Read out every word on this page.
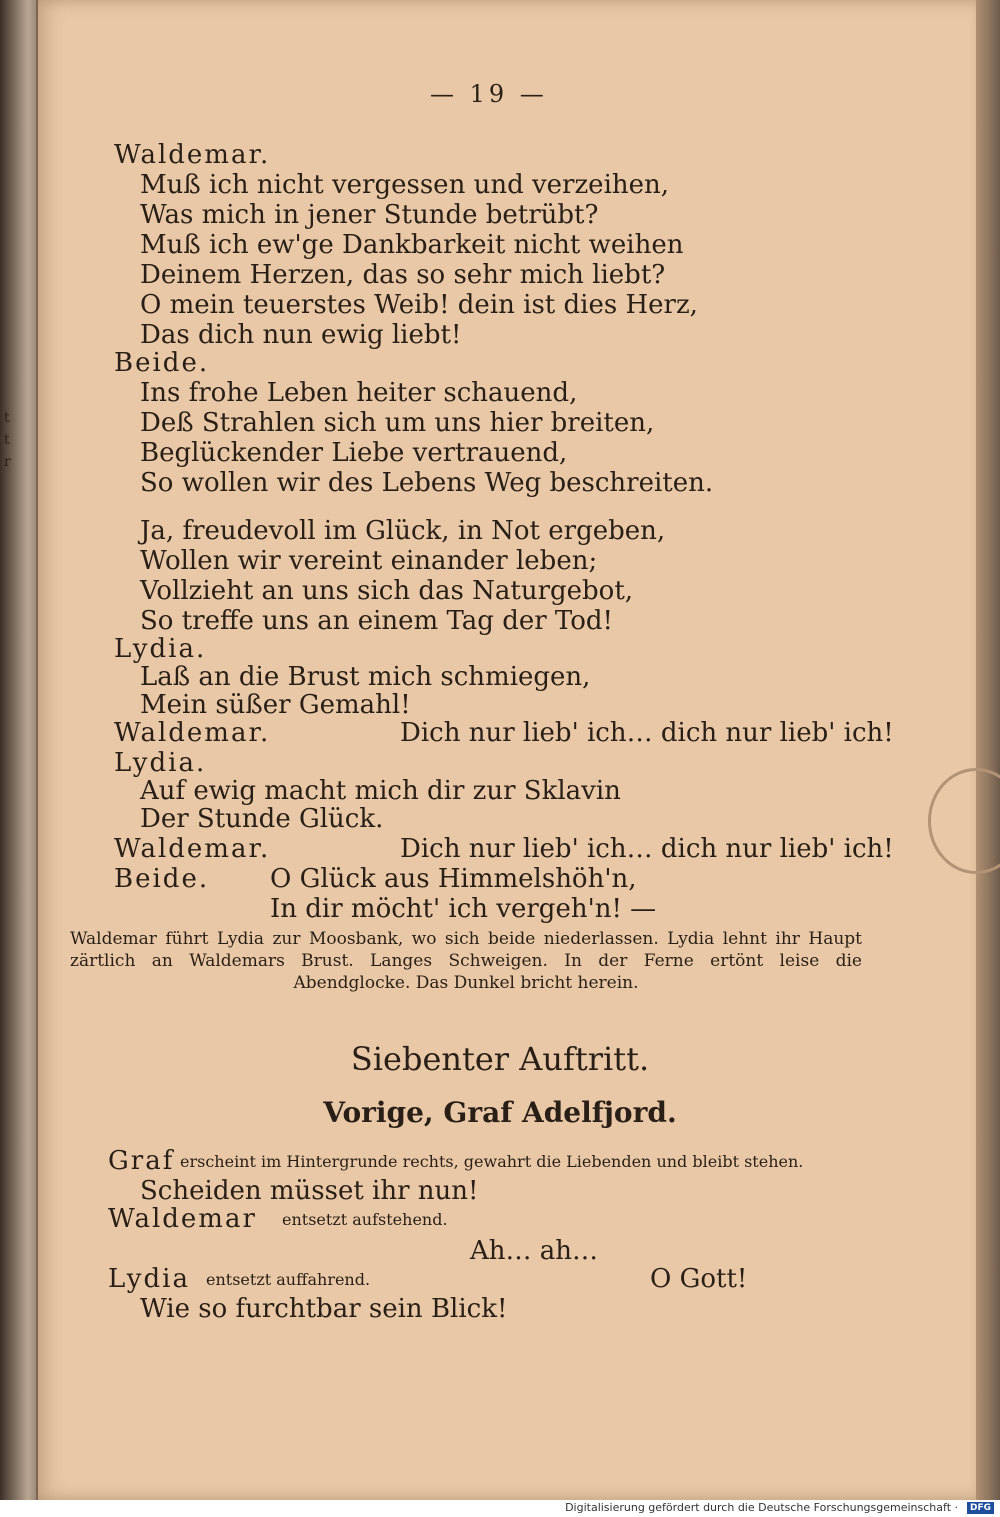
t
t
r
— 19 —
Waldemar.
Muß ich nicht vergessen und verzeihen,
Was mich in jener Stunde betrübt?
Muß ich ew'ge Dankbarkeit nicht weihen
Deinem Herzen, das so sehr mich liebt?
O mein teuerstes Weib! dein ist dies Herz,
Das dich nun ewig liebt!
Beide.
Ins frohe Leben heiter schauend,
Deß Strahlen sich um uns hier breiten,
Beglückender Liebe vertrauend,
So wollen wir des Lebens Weg beschreiten.
Ja, freudevoll im Glück, in Not ergeben,
Wollen wir vereint einander leben;
Vollzieht an uns sich das Naturgebot,
So treffe uns an einem Tag der Tod!
Lydia.
Laß an die Brust mich schmiegen,
Mein süßer Gemahl!
Waldemar.	Dich nur lieb' ich… dich nur lieb' ich!
Lydia.
Auf ewig macht mich dir zur Sklavin
Der Stunde Glück.
Waldemar.	Dich nur lieb' ich… dich nur lieb' ich!
Beide. O Glück aus Himmelshöh'n,
In dir möcht' ich vergeh'n! —
Waldemar führt Lydia zur Moosbank, wo sich beide niederlassen. Lydia lehnt ihr Haupt zärtlich an Waldemars Brust. Langes Schweigen. In der Ferne ertönt leise die Abendglocke. Das Dunkel bricht herein.
Siebenter Auftritt.
Vorige, Graf Adelfjord.
Graf erscheint im Hintergrunde rechts, gewahrt die Liebenden und bleibt stehen.
Scheiden müsset ihr nun!
Waldemar entsetzt aufstehend.
Ah… ah…
Lydia entsetzt auffahrend.	O Gott!
Wie so furchtbar sein Blick!
Digitalisierung gefördert durch die Deutsche Forschungsgemeinschaft ·	DFG
